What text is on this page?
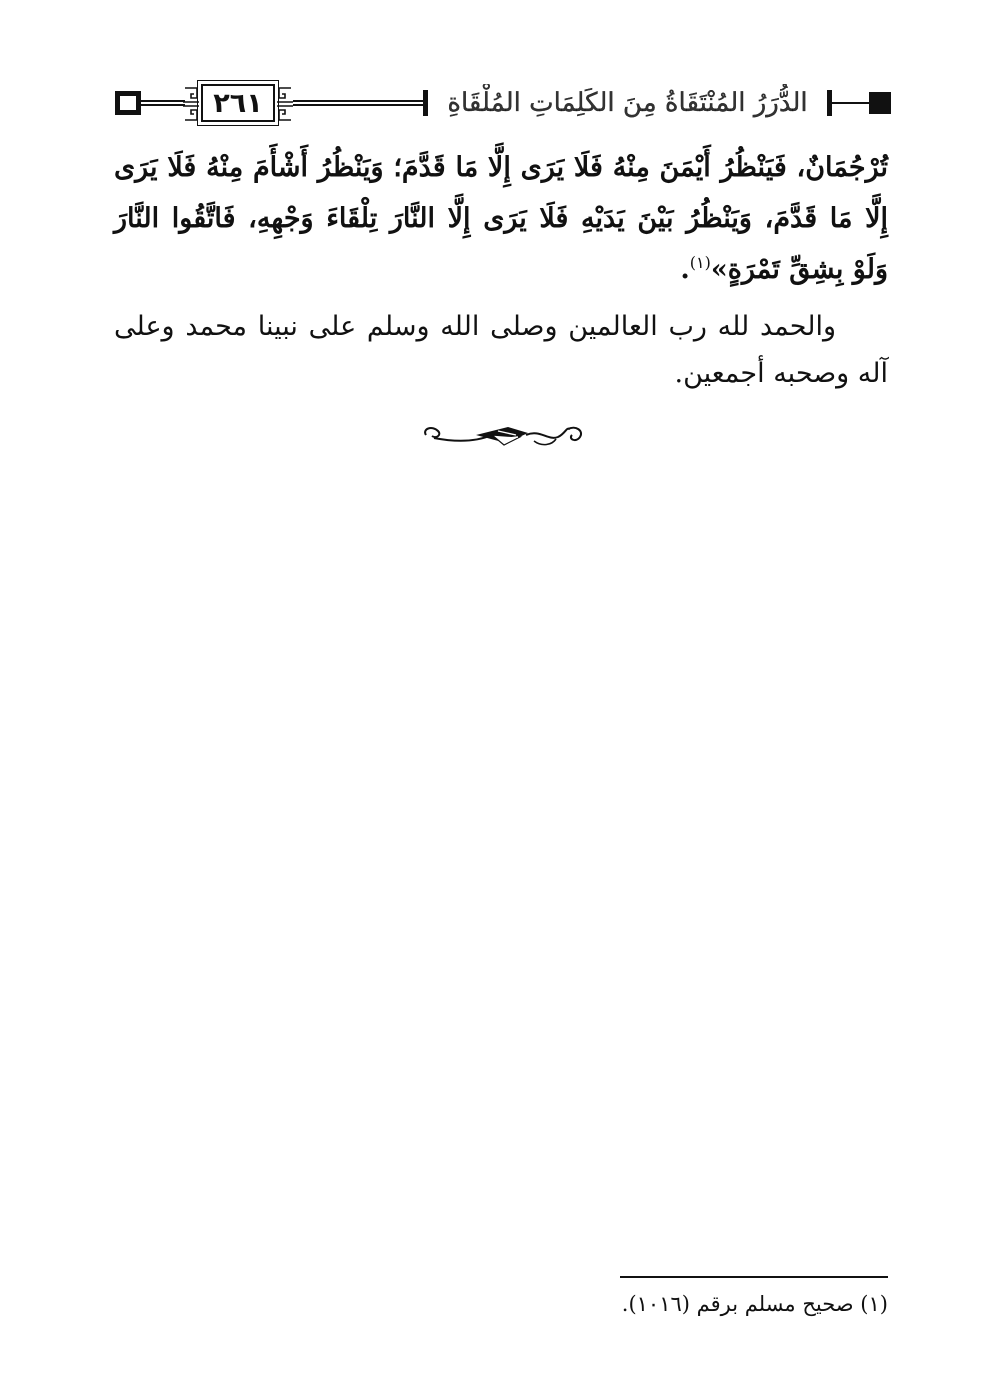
٢٦١	الدُّرَرُ المُنْتَقَاةُ مِنَ الكَلِمَاتِ المُلْقَاةِ

تُرْجُمَانٌ، فَيَنْظُرُ أَيْمَنَ مِنْهُ فَلَا يَرَى إِلَّا مَا قَدَّمَ؛ وَيَنْظُرُ أَشْأَمَ مِنْهُ فَلَا يَرَى إِلَّا مَا قَدَّمَ، وَيَنْظُرُ بَيْنَ يَدَيْهِ فَلَا يَرَى إِلَّا النَّارَ تِلْقَاءَ وَجْهِهِ، فَاتَّقُوا النَّارَ وَلَوْ بِشِقِّ تَمْرَةٍ»$^{(١)}$.

والحمد لله رب العالمين وصلى الله وسلم على نبينا محمد وعلى آله وصحبه أجمعين.

(١) صحيح مسلم برقم (١٠١٦).
